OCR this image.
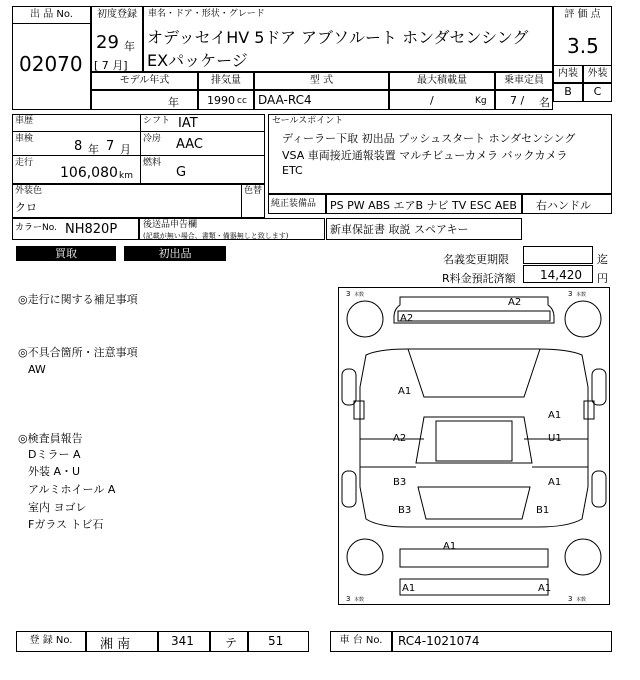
出 品 No.
02070
初度登録
29 年
[ 7 月]
車名・ドア・形状・グレード
オデッセイHV 5ドア アブソルート ホンダセンシング
EXパッケージ
評 価 点
3.5
内装 外装
B	C
モデル年式	排気量	型 式	最大積載量	乗車定員
年	1990 cc DAA-RC4	/	Kg 7 / 名
車歴
車検	8 年 7 月
走行
106,080 km
シフト IAT
冷房 AAC
燃料
G
セールスポイント
ディーラー下取 初出品 プッシュスタート ホンダセンシング
VSA 車両接近通報装置 マルチビューカメラ バックカメラ
ETC
外装色
クロ
色替
カラーNo. NH820P	後送品申告欄
(記載が無い場合、書類・備器無しと致します)
純正装備品 PS PW ABS エアB ナビ TV ESC AEB 右ハンドル
新車保証書 取説 スペアキー
買取	初出品	名義変更期限	迄
R料金預託済額 14,420 円
◎走行に関する補足事項
◎不具合箇所・注意事項
AW
◎検査員報告
Dミラー A
外装 A・U
アルミホイール A
室内 ヨゴレ
Fガラス トビ石
3 本数	3 本数
3 本数	3 本数
A2
A2
A1
A1
A2	U1
B3	A1
B3	B1
A1
A1	A1
登 録 No.	湘 南	341	テ	51	車 台 No.	RC4-1021074
